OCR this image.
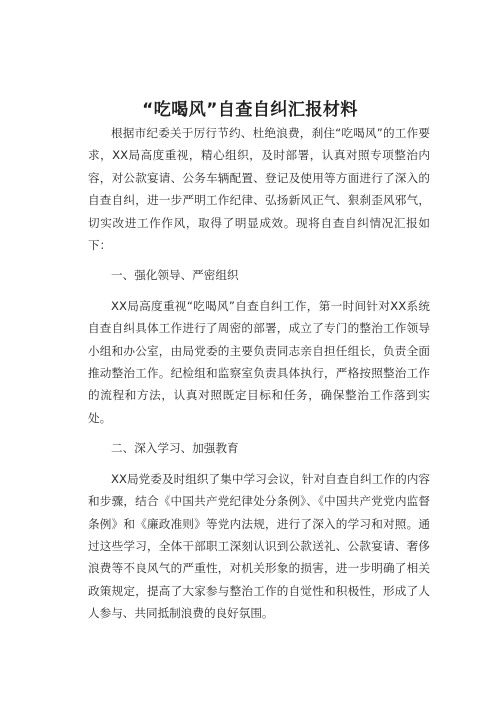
“吃喝风”自查自纠汇报材料

根据市纪委关于厉行节约、杜绝浪费，刹住“吃喝风”的工作要求，XX局高度重视，精心组织，及时部署，认真对照专项整治内容，对公款宴请、公务车辆配置、登记及使用等方面进行了深入的自查自纠，进一步严明工作纪律、弘扬新风正气、狠刹歪风邪气，切实改进工作作风，取得了明显成效。现将自查自纠情况汇报如下：

一、强化领导、严密组织

XX局高度重视“吃喝风”自查自纠工作，第一时间针对XX系统自查自纠具体工作进行了周密的部署，成立了专门的整治工作领导小组和办公室，由局党委的主要负责同志亲自担任组长，负责全面推动整治工作。纪检组和监察室负责具体执行，严格按照整治工作的流程和方法，认真对照既定目标和任务，确保整治工作落到实处。

二、深入学习、加强教育

XX局党委及时组织了集中学习会议，针对自查自纠工作的内容和步骤，结合《中国共产党纪律处分条例》、《中国共产党党内监督条例》和《廉政准则》等党内法规，进行了深入的学习和对照。通过这些学习，全体干部职工深刻认识到公款送礼、公款宴请、奢侈浪费等不良风气的严重性，对机关形象的损害，进一步明确了相关政策规定，提高了大家参与整治工作的自觉性和积极性，形成了人人参与、共同抵制浪费的良好氛围。
